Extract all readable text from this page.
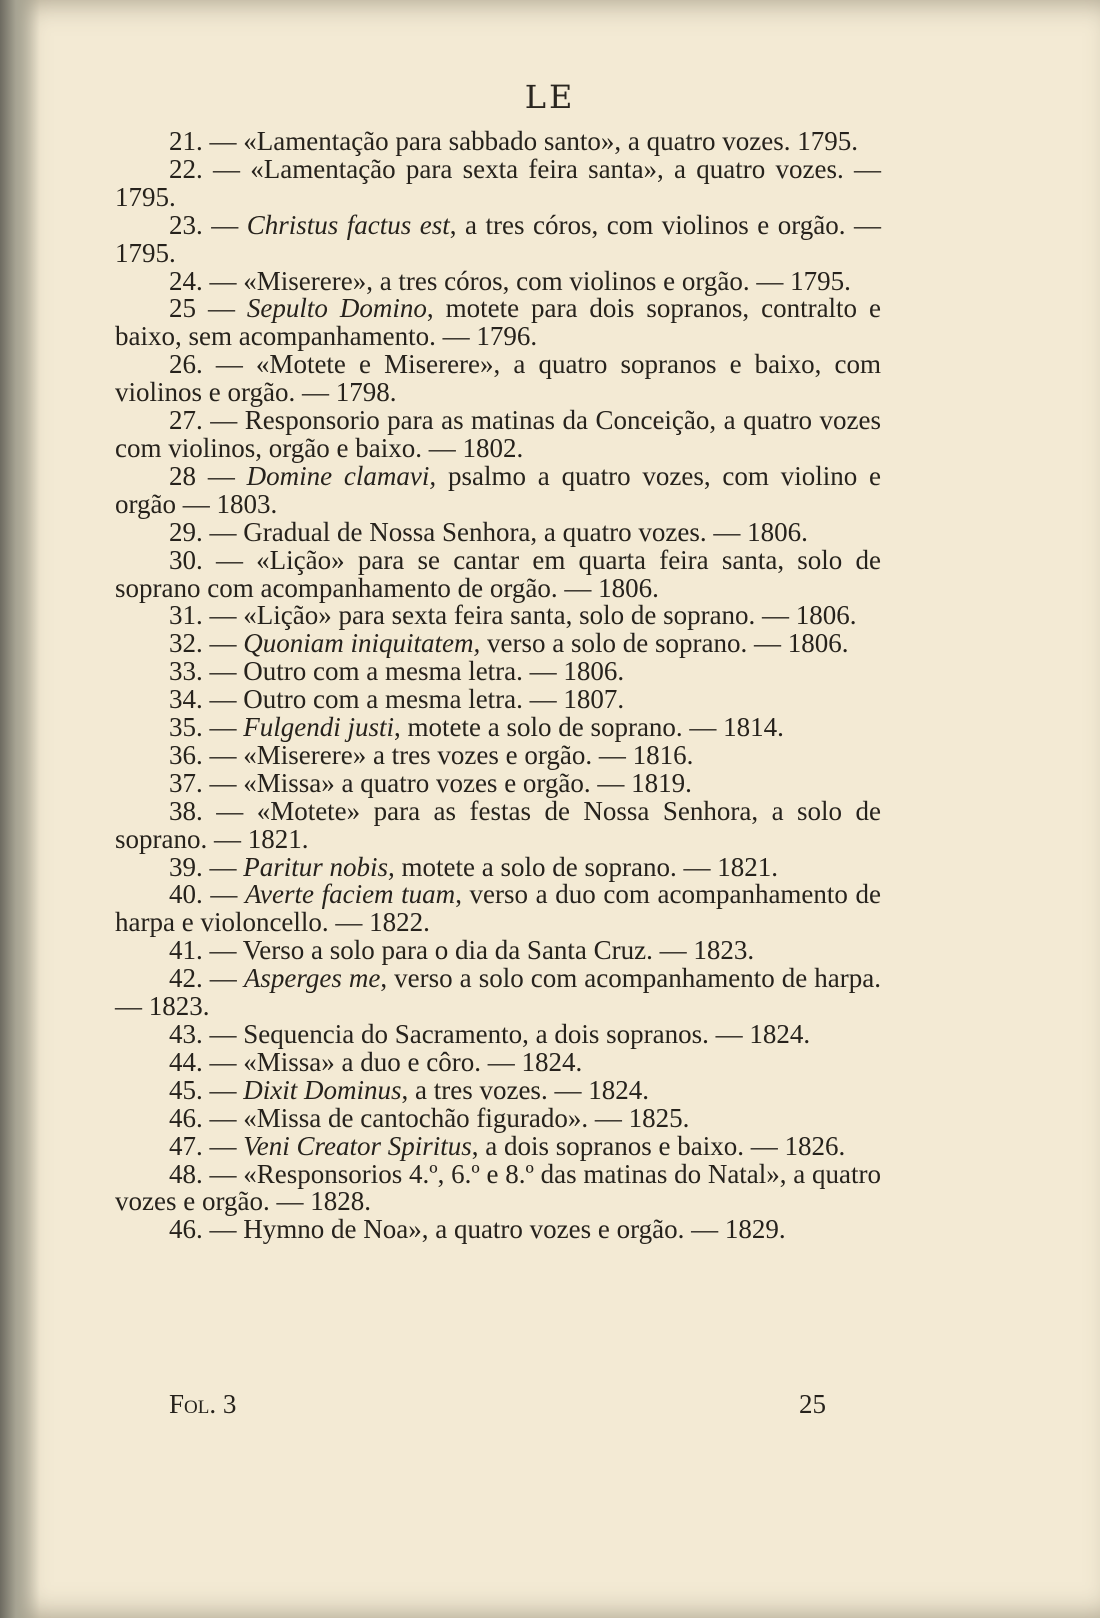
LE

21. — «Lamentação para sabbado santo», a quatro vozes. 1795.

22. — «Lamentação para sexta feira santa», a quatro vozes. — 1795.

23. — Christus factus est, a tres córos, com violinos e orgão. — 1795.

24. — «Miserere», a tres córos, com violinos e orgão. — 1795.

25 — Sepulto Domino, motete para dois sopranos, contralto e baixo, sem acompanhamento. — 1796.

26. — «Motete e Miserere», a quatro sopranos e baixo, com violinos e orgão. — 1798.

27. — Responsorio para as matinas da Conceição, a quatro vozes com violinos, orgão e baixo. — 1802.

28 — Domine clamavi, psalmo a quatro vozes, com violino e orgão — 1803.

29. — Gradual de Nossa Senhora, a quatro vozes. — 1806.

30. — «Lição» para se cantar em quarta feira santa, solo de soprano com acompanhamento de orgão. — 1806.

31. — «Lição» para sexta feira santa, solo de soprano. — 1806.

32. — Quoniam iniquitatem, verso a solo de soprano. — 1806.

33. — Outro com a mesma letra. — 1806.

34. — Outro com a mesma letra. — 1807.

35. — Fulgendi justi, motete a solo de soprano. — 1814.

36. — «Miserere» a tres vozes e orgão. — 1816.

37. — «Missa» a quatro vozes e orgão. — 1819.

38. — «Motete» para as festas de Nossa Senhora, a solo de soprano. — 1821.

39. — Paritur nobis, motete a solo de soprano. — 1821.

40. — Averte faciem tuam, verso a duo com acompanhamento de harpa e violoncello. — 1822.

41. — Verso a solo para o dia da Santa Cruz. — 1823.

42. — Asperges me, verso a solo com acompanhamento de harpa. — 1823.

43. — Sequencia do Sacramento, a dois sopranos. — 1824.

44. — «Missa» a duo e côro. — 1824.

45. — Dixit Dominus, a tres vozes. — 1824.

46. — «Missa de cantochão figurado». — 1825.

47. — Veni Creator Spiritus, a dois sopranos e baixo. — 1826.

48. — «Responsorios 4.º, 6.º e 8.º das matinas do Natal», a quatro vozes e orgão. — 1828.

46. — Hymno de Noa», a quatro vozes e orgão. — 1829.

Fol. 3	25
